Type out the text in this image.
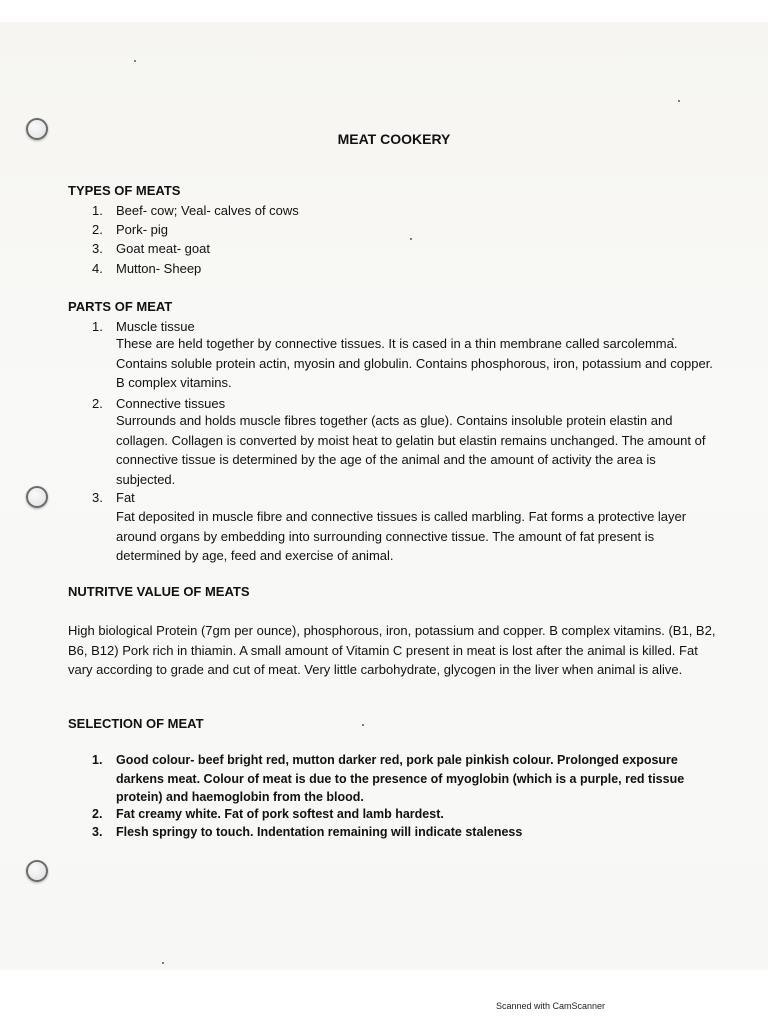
MEAT COOKERY
TYPES OF MEATS
1. Beef- cow; Veal- calves of cows
2. Pork- pig
3. Goat meat- goat
4. Mutton- Sheep
PARTS OF MEAT
1. Muscle tissue
These are held together by connective tissues. It is cased in a thin membrane called sarcolemma. Contains soluble protein actin, myosin and globulin. Contains phosphorous, iron, potassium and copper. B complex vitamins.
2. Connective tissues
Surrounds and holds muscle fibres together (acts as glue). Contains insoluble protein elastin and collagen. Collagen is converted by moist heat to gelatin but elastin remains unchanged. The amount of connective tissue is determined by the age of the animal and the amount of activity the area is subjected.
3. Fat
Fat deposited in muscle fibre and connective tissues is called marbling. Fat forms a protective layer around organs by embedding into surrounding connective tissue. The amount of fat present is determined by age, feed and exercise of animal.
NUTRITVE VALUE OF MEATS
High biological Protein (7gm per ounce), phosphorous, iron, potassium and copper. B complex vitamins. (B1, B2, B6, B12) Pork rich in thiamin. A small amount of Vitamin C present in meat is lost after the animal is killed. Fat vary according to grade and cut of meat. Very little carbohydrate, glycogen in the liver when animal is alive.
SELECTION OF MEAT
1. Good colour- beef bright red, mutton darker red, pork pale pinkish colour. Prolonged exposure darkens meat. Colour of meat is due to the presence of myoglobin (which is a purple, red tissue protein) and haemoglobin from the blood.
2. Fat creamy white. Fat of pork softest and lamb hardest.
3. Flesh springy to touch. Indentation remaining will indicate staleness
Scanned with CamScanner
